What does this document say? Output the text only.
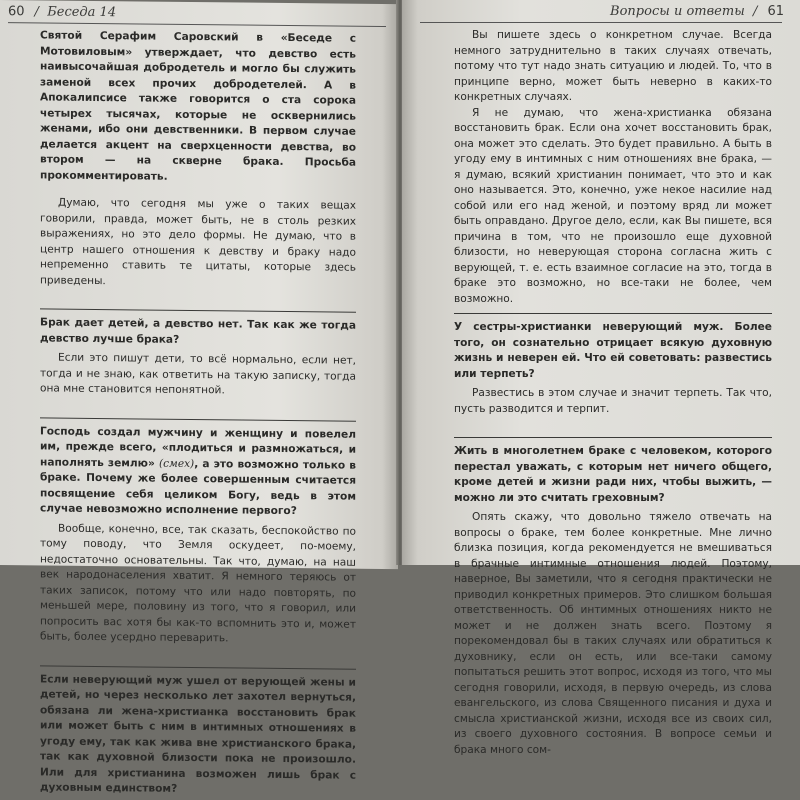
60 /  Беседа 14

Святой Серафим Саровский в «Беседе с Мотовиловым» утверждает, что девство есть наивысочайшая добродетель и могло бы служить заменой всех прочих добродетелей. А в Апокалипсисе также говорится о ста сорока четырех тысячах, которые не осквернились женами, ибо они девственники. В первом случае делается акцент на сверхценности девства, во втором — на скверне брака. Просьба прокомментировать.

Думаю, что сегодня мы уже о таких вещах говорили, правда, может быть, не в столь резких выражениях, но это дело формы. Не думаю, что в центр нашего отношения к девству и браку надо непременно ставить те цитаты, которые здесь приведены.

Брак дает детей, а девство нет. Так как же тогда девство лучше брака?

Если это пишут дети, то всё нормально, если нет, тогда и не знаю, как ответить на такую записку, тогда она мне становится непонятной.

Господь создал мужчину и женщину и повелел им, прежде всего, «плодиться и размножаться, и наполнять землю» (смех), а это возможно только в браке. Почему же более совершенным считается посвящение себя целиком Богу, ведь в этом случае невозможно исполнение первого?

Вообще, конечно, все, так сказать, беспокойство по тому поводу, что Земля оскудеет, по-моему, недостаточно основательны. Так что, думаю, на наш век народонаселения хватит. Я немного теряюсь от таких записок, потому что или надо повторять, по меньшей мере, половину из того, что я говорил, или попросить вас хотя бы как-то вспомнить это и, может быть, более усердно переварить.

Если неверующий муж ушел от верующей жены и детей, но через несколько лет захотел вернуться, обязана ли жена-христианка восстановить брак или может быть с ним в интимных отношениях в угоду ему, так как жива вне христианского брака, так как духовной близости пока не произошло. Или для христианина возможен лишь брак с духовным единством?

Вопросы и ответы  / 61

Вы пишете здесь о конкретном случае. Всегда немного затруднительно в таких случаях отвечать, потому что тут надо знать ситуацию и людей. То, что в принципе верно, может быть неверно в каких-то конкретных случаях.

Я не думаю, что жена-христианка обязана восстановить брак. Если она хочет восстановить брак, она может это сделать. Это будет правильно. А быть в угоду ему в интимных с ним отношениях вне брака, — я думаю, всякий христианин понимает, что это и как оно называется. Это, конечно, уже некое насилие над собой или его над женой, и поэтому вряд ли может быть оправдано. Другое дело, если, как Вы пишете, вся причина в том, что не произошло еще духовной близости, но неверующая сторона согласна жить с верующей, т. е. есть взаимное согласие на это, тогда в браке это возможно, но все-таки не более, чем возможно.

У сестры-христианки неверующий муж. Более того, он сознательно отрицает всякую духовную жизнь и неверен ей. Что ей советовать: развестись или терпеть?

Развестись в этом случае и значит терпеть. Так что, пусть разводится и терпит.

Жить в многолетнем браке с человеком, которого перестал уважать, с которым нет ничего общего, кроме детей и жизни ради них, чтобы выжить, — можно ли это считать греховным?

Опять скажу, что довольно тяжело отвечать на вопросы о браке, тем более конкретные. Мне лично близка позиция, когда рекомендуется не вмешиваться в брачные интимные отношения людей. Поэтому, наверное, Вы заметили, что я сегодня практически не приводил конкретных примеров. Это слишком большая ответственность. Об интимных отношениях никто не может и не должен знать всего. Поэтому я порекомендовал бы в таких случаях или обратиться к духовнику, если он есть, или все-таки самому попытаться решить этот вопрос, исходя из того, что мы сегодня говорили, исходя, в первую очередь, из слова евангельского, из слова Священного писания и духа и смысла христианской жизни, исходя все из своих сил, из своего духовного состояния. В вопросе семьи и брака много сом-
